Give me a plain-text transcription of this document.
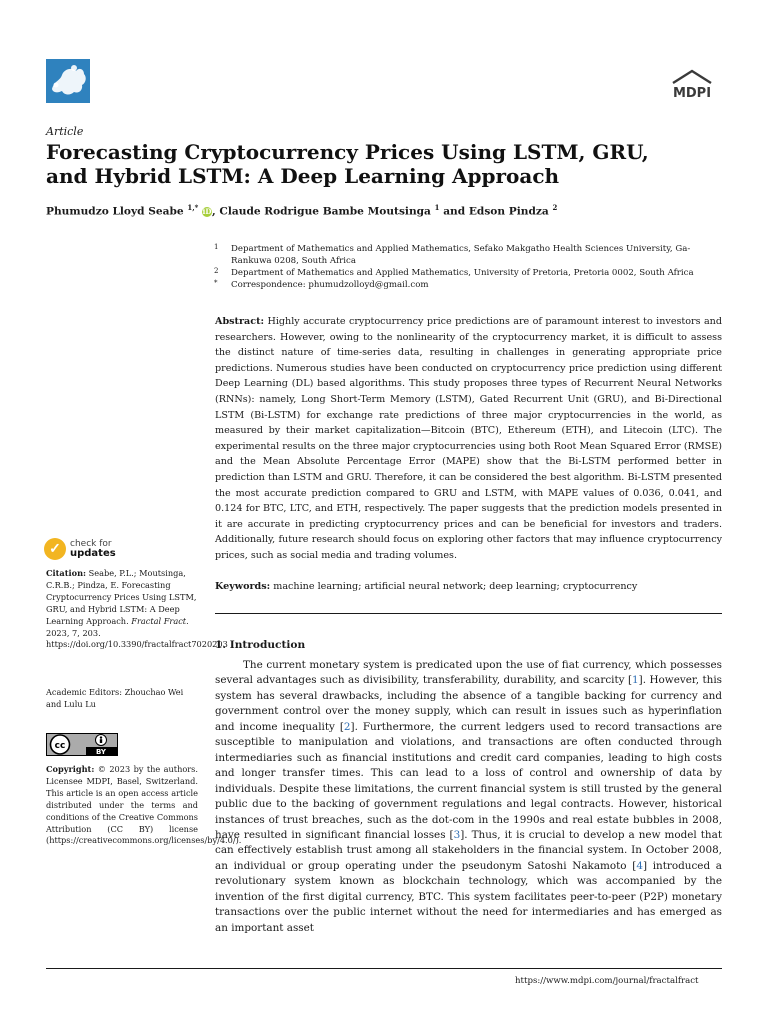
MDPI
Article
Forecasting Cryptocurrency Prices Using LSTM, GRU, and Hybrid LSTM: A Deep Learning Approach
Phumudzo Lloyd Seabe $^{1,*}$ iD, Claude Rodrigue Bambe Moutsinga $^1$ and Edson Pindza $^2$
1 Department of Mathematics and Applied Mathematics, Sefako Makgatho Health Sciences University, Ga-Rankuwa 0208, South Africa
2 Department of Mathematics and Applied Mathematics, University of Pretoria, Pretoria 0002, South Africa
* Correspondence: phumudzolloyd@gmail.com
Abstract: Highly accurate cryptocurrency price predictions are of paramount interest to investors and researchers. However, owing to the nonlinearity of the cryptocurrency market, it is difficult to assess the distinct nature of time-series data, resulting in challenges in generating appropriate price predictions. Numerous studies have been conducted on cryptocurrency price prediction using different Deep Learning (DL) based algorithms. This study proposes three types of Recurrent Neural Networks (RNNs): namely, Long Short-Term Memory (LSTM), Gated Recurrent Unit (GRU), and Bi-Directional LSTM (Bi-LSTM) for exchange rate predictions of three major cryptocurrencies in the world, as measured by their market capitalization—Bitcoin (BTC), Ethereum (ETH), and Litecoin (LTC). The experimental results on the three major cryptocurrencies using both Root Mean Squared Error (RMSE) and the Mean Absolute Percentage Error (MAPE) show that the Bi-LSTM performed better in prediction than LSTM and GRU. Therefore, it can be considered the best algorithm. Bi-LSTM presented the most accurate prediction compared to GRU and LSTM, with MAPE values of 0.036, 0.041, and 0.124 for BTC, LTC, and ETH, respectively. The paper suggests that the prediction models presented in it are accurate in predicting cryptocurrency prices and can be beneficial for investors and traders. Additionally, future research should focus on exploring other factors that may influence cryptocurrency prices, such as social media and trading volumes.
Keywords: machine learning; artificial neural network; deep learning; cryptocurrency
✓	check for
updates
Citation: Seabe, P.L.; Moutsinga, C.R.B.; Pindza, E. Forecasting Cryptocurrency Prices Using LSTM, GRU, and Hybrid LSTM: A Deep Learning Approach. Fractal Fract. 2023, 7, 203. https://doi.org/10.3390/fractalfract7020203
Academic Editors: Zhouchao Wei and Lulu Lu
cc
BY
Copyright: © 2023 by the authors. Licensee MDPI, Basel, Switzerland. This article is an open access article distributed under the terms and conditions of the Creative Commons Attribution (CC BY) license (https://creativecommons.org/licenses/by/4.0/).
1. Introduction

The current monetary system is predicated upon the use of fiat currency, which possesses several advantages such as divisibility, transferability, durability, and scarcity [1]. However, this system has several drawbacks, including the absence of a tangible backing for currency and government control over the money supply, which can result in issues such as hyperinflation and income inequality [2]. Furthermore, the current ledgers used to record transactions are susceptible to manipulation and violations, and transactions are often conducted through intermediaries such as financial institutions and credit card companies, leading to high costs and longer transfer times. This can lead to a loss of control and ownership of data by individuals. Despite these limitations, the current financial system is still trusted by the general public due to the backing of government regulations and legal contracts. However, historical instances of trust breaches, such as the dot-com in the 1990s and real estate bubbles in 2008, have resulted in significant financial losses [3]. Thus, it is crucial to develop a new model that can effectively establish trust among all stakeholders in the financial system. In October 2008, an individual or group operating under the pseudonym Satoshi Nakamoto [4] introduced a revolutionary system known as blockchain technology, which was accompanied by the invention of the first digital currency, BTC. This system facilitates peer-to-peer (P2P) monetary transactions over the public internet without the need for intermediaries and has emerged as an important asset

https://www.mdpi.com/journal/fractalfract
